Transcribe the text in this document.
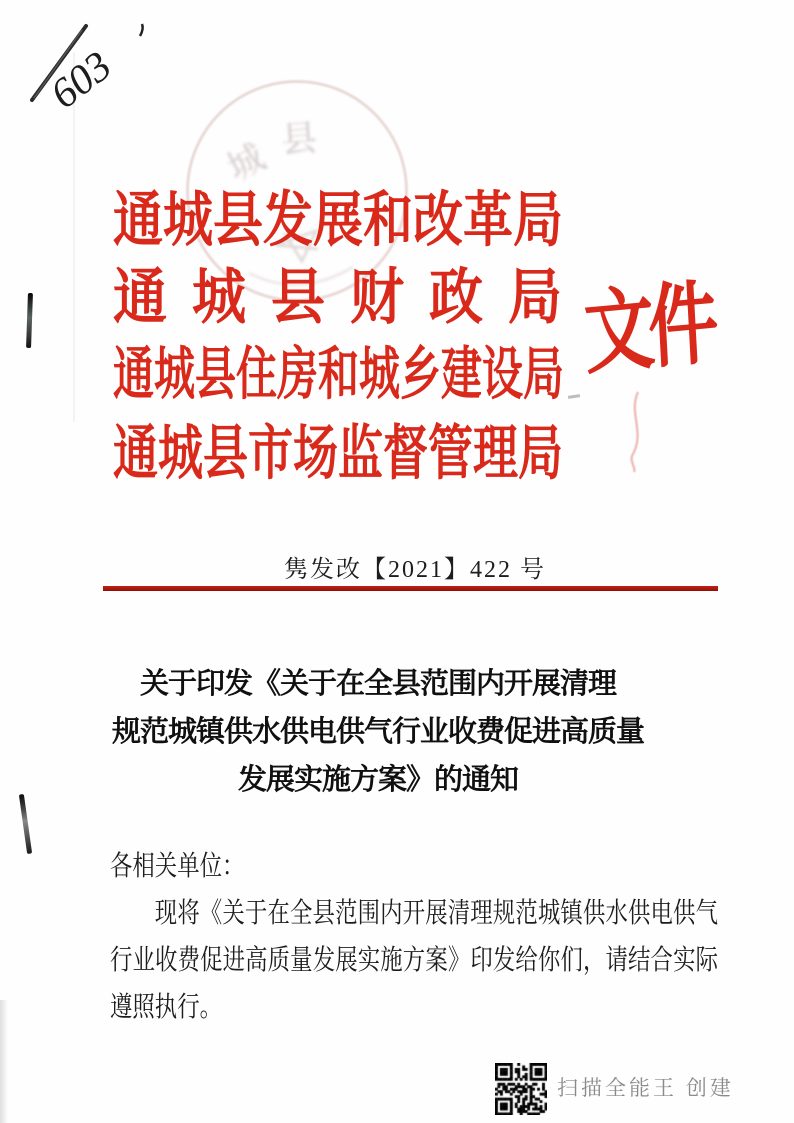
603
城 县
通城县发展和改革局
通城县财政局
通城县住房和城乡建设局
通城县市场监督管理局
文件
隽发改【2021】422 号
关于印发《关于在全县范围内开展清理
规范城镇供水供电供气行业收费促进高质量
发展实施方案》的通知
各相关单位：
现将《关于在全县范围内开展清理规范城镇供水供电供气行业收费促进高质量发展实施方案》印发给你们，请结合实际遵照执行。
扫描全能王 创建
